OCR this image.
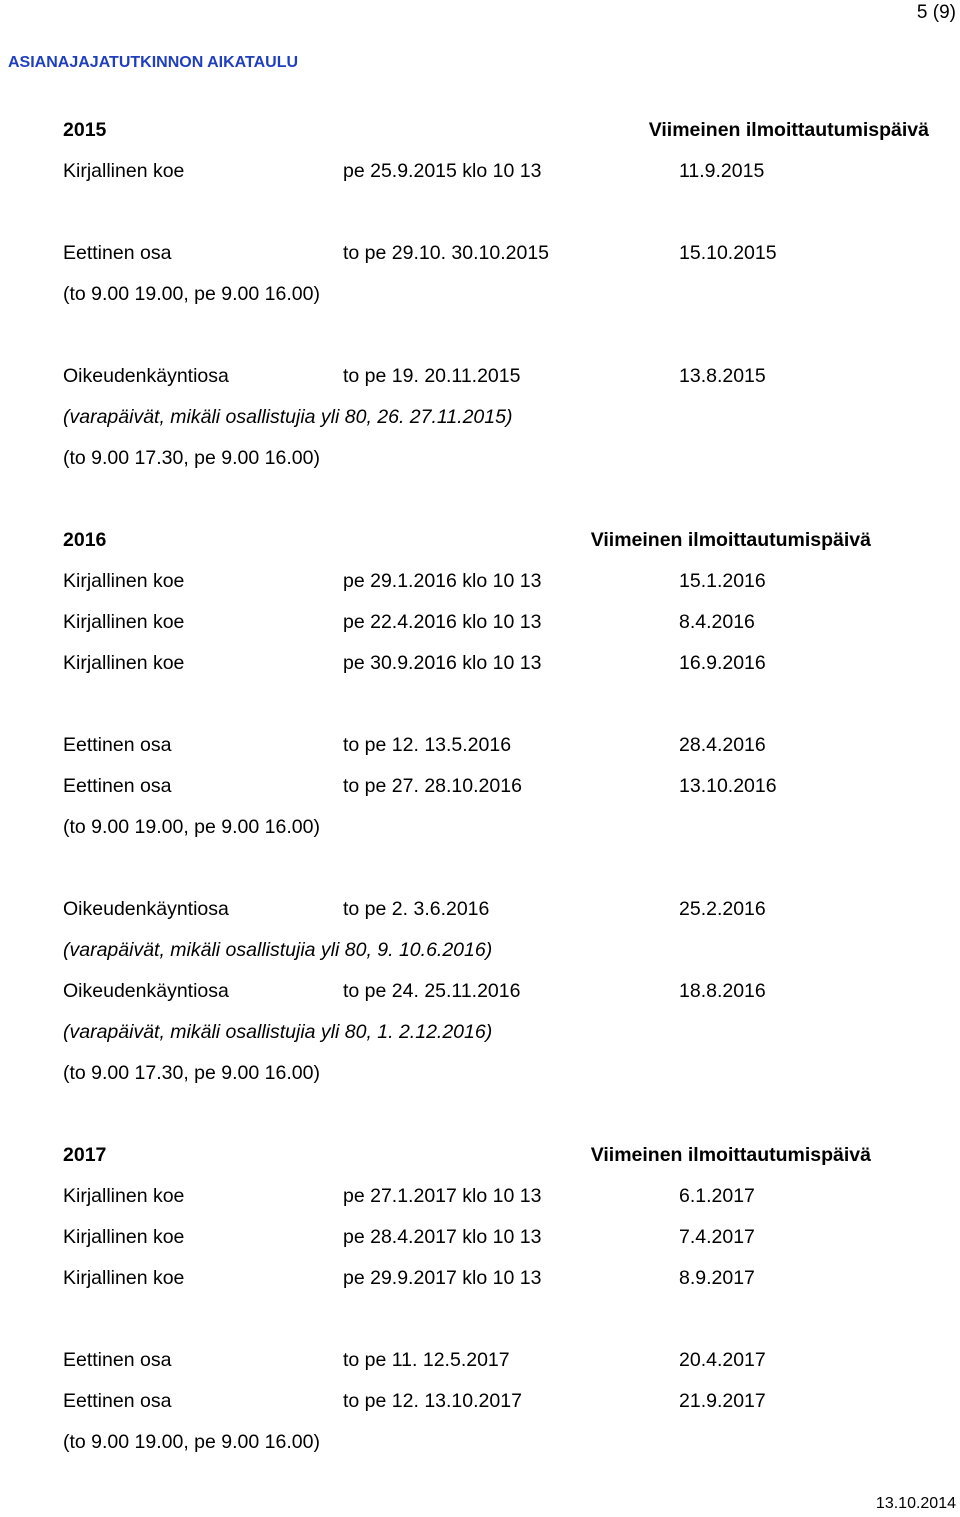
5 (9)
ASIANAJAJATUTKINNON AIKATAULU
2015	Viimeinen ilmoittautumispäivä
Kirjallinen koe	pe 25.9.2015 klo 10 13	11.9.2015
Eettinen osa	to pe 29.10. 30.10.2015	15.10.2015
(to 9.00 19.00, pe 9.00 16.00)
Oikeudenkäyntiosa	to pe 19. 20.11.2015	13.8.2015
(varapäivät, mikäli osallistujia yli 80, 26. 27.11.2015)
(to 9.00 17.30, pe 9.00 16.00)
2016	Viimeinen ilmoittautumispäivä
Kirjallinen koe	pe 29.1.2016 klo 10 13	15.1.2016
Kirjallinen koe	pe 22.4.2016 klo 10 13	8.4.2016
Kirjallinen koe	pe 30.9.2016 klo 10 13	16.9.2016
Eettinen osa	to pe 12. 13.5.2016	28.4.2016
Eettinen osa	to pe 27. 28.10.2016	13.10.2016
(to 9.00 19.00, pe 9.00 16.00)
Oikeudenkäyntiosa	to pe 2. 3.6.2016	25.2.2016
(varapäivät, mikäli osallistujia yli 80, 9. 10.6.2016)
Oikeudenkäyntiosa	to pe 24. 25.11.2016	18.8.2016
(varapäivät, mikäli osallistujia yli 80, 1. 2.12.2016)
(to 9.00 17.30, pe 9.00 16.00)
2017	Viimeinen ilmoittautumispäivä
Kirjallinen koe	pe 27.1.2017 klo 10 13	6.1.2017
Kirjallinen koe	pe 28.4.2017 klo 10 13	7.4.2017
Kirjallinen koe	pe 29.9.2017 klo 10 13	8.9.2017
Eettinen osa	to pe 11. 12.5.2017	20.4.2017
Eettinen osa	to pe 12. 13.10.2017	21.9.2017
(to 9.00 19.00, pe 9.00 16.00)
13.10.2014
